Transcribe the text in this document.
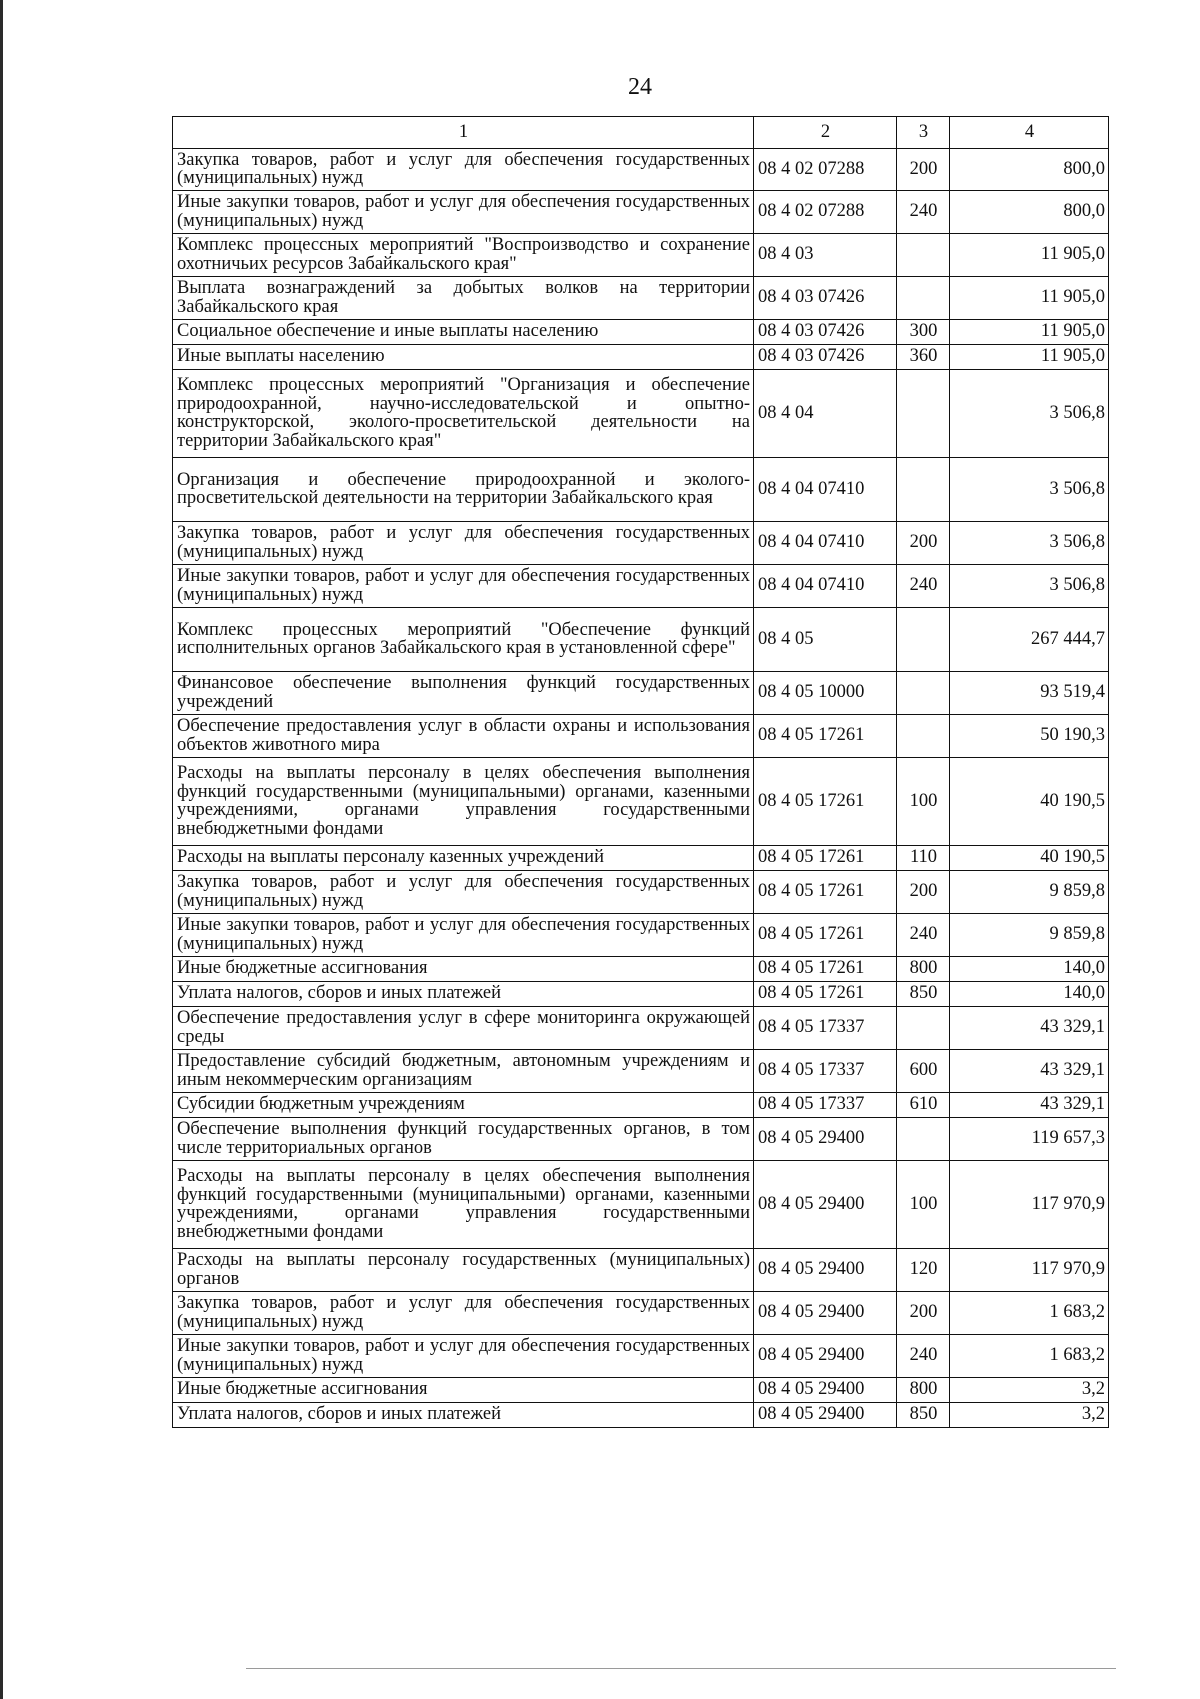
24
1	2	3	4
Закупка товаров, работ и услуг для обеспечения государственных (муниципальных) нужд	08 4 02 07288	200	800,0
Иные закупки товаров, работ и услуг для обеспечения государственных (муниципальных) нужд	08 4 02 07288	240	800,0
Комплекс процессных мероприятий "Воспроизводство и сохранение охотничьих ресурсов Забайкальского края"	08 4 03		11 905,0
Выплата вознаграждений за добытых волков на территории Забайкальского края	08 4 03 07426		11 905,0
Социальное обеспечение и иные выплаты населению	08 4 03 07426	300	11 905,0
Иные выплаты населению	08 4 03 07426	360	11 905,0
Комплекс процессных мероприятий "Организация и обеспечение природоохранной, научно-исследовательской и опытно-конструкторской, эколого-просветительской деятельности на территории Забайкальского края"	08 4 04		3 506,8
Организация и обеспечение природоохранной и эколого-просветительской деятельности на территории Забайкальского края	08 4 04 07410		3 506,8
Закупка товаров, работ и услуг для обеспечения государственных (муниципальных) нужд	08 4 04 07410	200	3 506,8
Иные закупки товаров, работ и услуг для обеспечения государственных (муниципальных) нужд	08 4 04 07410	240	3 506,8
Комплекс процессных мероприятий "Обеспечение функций исполнительных органов Забайкальского края в установленной сфере"	08 4 05		267 444,7
Финансовое обеспечение выполнения функций государственных учреждений	08 4 05 10000		93 519,4
Обеспечение предоставления услуг в области охраны и использования объектов животного мира	08 4 05 17261		50 190,3
Расходы на выплаты персоналу в целях обеспечения выполнения функций государственными (муниципальными) органами, казенными учреждениями, органами управления государственными внебюджетными фондами	08 4 05 17261	100	40 190,5
Расходы на выплаты персоналу казенных учреждений	08 4 05 17261	110	40 190,5
Закупка товаров, работ и услуг для обеспечения государственных (муниципальных) нужд	08 4 05 17261	200	9 859,8
Иные закупки товаров, работ и услуг для обеспечения государственных (муниципальных) нужд	08 4 05 17261	240	9 859,8
Иные бюджетные ассигнования	08 4 05 17261	800	140,0
Уплата налогов, сборов и иных платежей	08 4 05 17261	850	140,0
Обеспечение предоставления услуг в сфере мониторинга окружающей среды	08 4 05 17337		43 329,1
Предоставление субсидий бюджетным, автономным учреждениям и иным некоммерческим организациям	08 4 05 17337	600	43 329,1
Субсидии бюджетным учреждениям	08 4 05 17337	610	43 329,1
Обеспечение выполнения функций государственных органов, в том числе территориальных органов	08 4 05 29400		119 657,3
Расходы на выплаты персоналу в целях обеспечения выполнения функций государственными (муниципальными) органами, казенными учреждениями, органами управления государственными внебюджетными фондами	08 4 05 29400	100	117 970,9
Расходы на выплаты персоналу государственных (муниципальных) органов	08 4 05 29400	120	117 970,9
Закупка товаров, работ и услуг для обеспечения государственных (муниципальных) нужд	08 4 05 29400	200	1 683,2
Иные закупки товаров, работ и услуг для обеспечения государственных (муниципальных) нужд	08 4 05 29400	240	1 683,2
Иные бюджетные ассигнования	08 4 05 29400	800	3,2
Уплата налогов, сборов и иных платежей	08 4 05 29400	850	3,2
